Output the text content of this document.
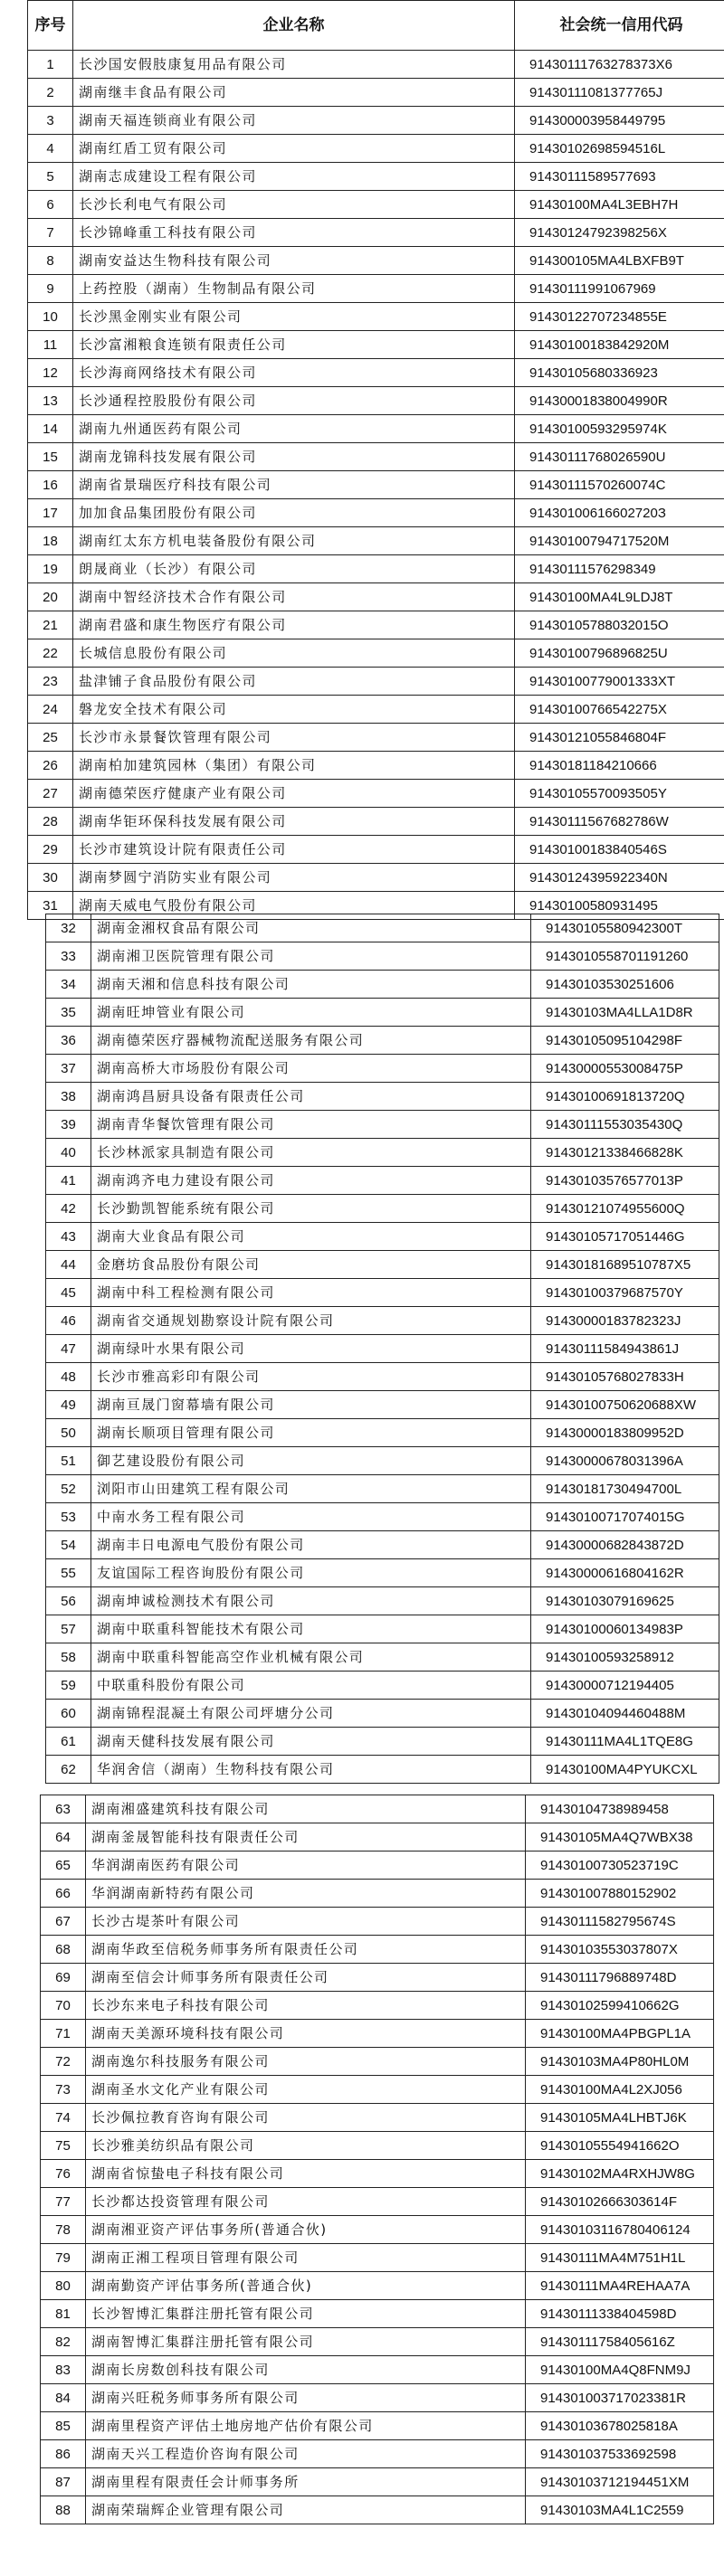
序号	企业名称	社会统一信用代码
1	长沙国安假肢康复用品有限公司	91430111763278373X6
2	湖南继丰食品有限公司	91430111081377765J
3	湖南天福连锁商业有限公司	914300003958449795
4	湖南红盾工贸有限公司	91430102698594516L
5	湖南志成建设工程有限公司	91430111589577693
6	长沙长利电气有限公司	91430100MA4L3EBH7H
7	长沙锦峰重工科技有限公司	91430124792398256X
8	湖南安益达生物科技有限公司	914300105MA4LBXFB9T
9	上药控股（湖南）生物制品有限公司	91430111991067969
10	长沙黑金刚实业有限公司	91430122707234855E
11	长沙富湘粮食连锁有限责任公司	91430100183842920M
12	长沙海商网络技术有限公司	91430105680336923
13	长沙通程控股股份有限公司	91430001838004990R
14	湖南九州通医药有限公司	91430100593295974K
15	湖南龙锦科技发展有限公司	91430111768026590U
16	湖南省景瑞医疗科技有限公司	91430111570260074C
17	加加食品集团股份有限公司	91430100616602720З
18	湖南红太东方机电装备股份有限公司	91430100794717520M
19	朗晟商业（长沙）有限公司	91430111576298349
20	湖南中智经济技术合作有限公司	91430100MA4L9LDJ8T
21	湖南君盛和康生物医疗有限公司	91430105788032015O
22	长城信息股份有限公司	91430100796896825U
23	盐津铺子食品股份有限公司	91430100779001333XT
24	磐龙安全技术有限公司	91430100766542275X
25	长沙市永景餐饮管理有限公司	91430121055846804F
26	湖南柏加建筑园林（集团）有限公司	91430181184210666
27	湖南德荣医疗健康产业有限公司	91430105570093505Y
28	湖南华钜环保科技发展有限公司	91430111567682786W
29	长沙市建筑设计院有限责任公司	91430100183840546S
30	湖南梦圆宁消防实业有限公司	91430124395922340N
31	湖南天威电气股份有限公司	91430100580931495
32	湖南金湘权食品有限公司	91430105580942300T
33	湖南湘卫医院管理有限公司	9143010558701191260
34	湖南天湘和信息科技有限公司	91430103530251606
35	湖南旺坤管业有限公司	91430103MA4LLA1D8R
36	湖南德荣医疗器械物流配送服务有限公司	91430105095104298F
37	湖南高桥大市场股份有限公司	91430000553008475P
38	湖南鸿昌厨具设备有限责任公司	91430100691813720Q
39	湖南青华餐饮管理有限公司	91430111553035430Q
40	长沙林派家具制造有限公司	91430121338466828K
41	湖南鸿齐电力建设有限公司	91430103576577013P
42	长沙勤凯智能系统有限公司	91430121074955600Q
43	湖南大业食品有限公司	91430105717051446G
44	金磨坊食品股份有限公司	91430181689510787X5
45	湖南中科工程检测有限公司	91430100379687570Y
46	湖南省交通规划勘察设计院有限公司	91430000183782323J
47	湖南绿叶水果有限公司	91430111584943861J
48	长沙市雅高彩印有限公司	91430105768027833H
49	湖南亘晟门窗幕墙有限公司	91430100750620688XW
50	湖南长顺项目管理有限公司	91430000183809952D
51	御艺建设股份有限公司	91430000678031396A
52	浏阳市山田建筑工程有限公司	91430181730494700L
53	中南水务工程有限公司	91430100717074015G
54	湖南丰日电源电气股份有限公司	91430000682843872D
55	友谊国际工程咨询股份有限公司	91430000616804162R
56	湖南坤诚检测技术有限公司	91430103079169625
57	湖南中联重科智能技术有限公司	91430100060134983P
58	湖南中联重科智能高空作业机械有限公司	91430100593258912
59	中联重科股份有限公司	91430000712194405
60	湖南锦程混凝土有限公司坪塘分公司	91430104094460488M
61	湖南天健科技发展有限公司	91430111MA4L1TQE8G
62	华润舍信（湖南）生物科技有限公司	91430100MA4PYUKCXL
63	湖南湘盛建筑科技有限公司	91430104738989458
64	湖南釜晟智能科技有限责任公司	91430105MA4Q7WBX38
65	华润湖南医药有限公司	91430100730523719C
66	华润湖南新特药有限公司	914301007880152902
67	长沙古堤茶叶有限公司	91430111582795674S
68	湖南华政至信税务师事务所有限责任公司	91430103553037807X
69	湖南至信会计师事务所有限责任公司	91430111796889748D
70	长沙东来电子科技有限公司	91430102599410662G
71	湖南天美源环境科技有限公司	91430100MA4PBGPL1A
72	湖南逸尔科技服务有限公司	91430103MA4P80HL0M
73	湖南圣水文化产业有限公司	91430100MA4L2XJ056
74	长沙佩拉教育咨询有限公司	91430105MA4LHBTJ6K
75	长沙雅美纺织品有限公司	91430105554941662О
76	湖南省惊蛰电子科技有限公司	91430102MA4RXHJW8G
77	长沙都达投资管理有限公司	91430102666303614F
78	湖南湘亚资产评估事务所(普通合伙)	91430103116780406124
79	湖南正湘工程项目管理有限公司	91430111MA4M751H1L
80	湖南勤资产评估事务所(普通合伙)	91430111MA4REHAA7A
81	长沙智博汇集群注册托管有限公司	91430111338404598D
82	湖南智博汇集群注册托管有限公司	91430111758405616Z
83	湖南长房数创科技有限公司	91430100MA4Q8FNM9J
84	湖南兴旺税务师事务所有限公司	914301003717023381R
85	湖南里程资产评估土地房地产估价有限公司	91430103678025818A
86	湖南天兴工程造价咨询有限公司	914301037533692598
87	湖南里程有限责任会计师事务所	91430103712194451XM
88	湖南荣瑞辉企业管理有限公司	91430103MA4L1C2559
